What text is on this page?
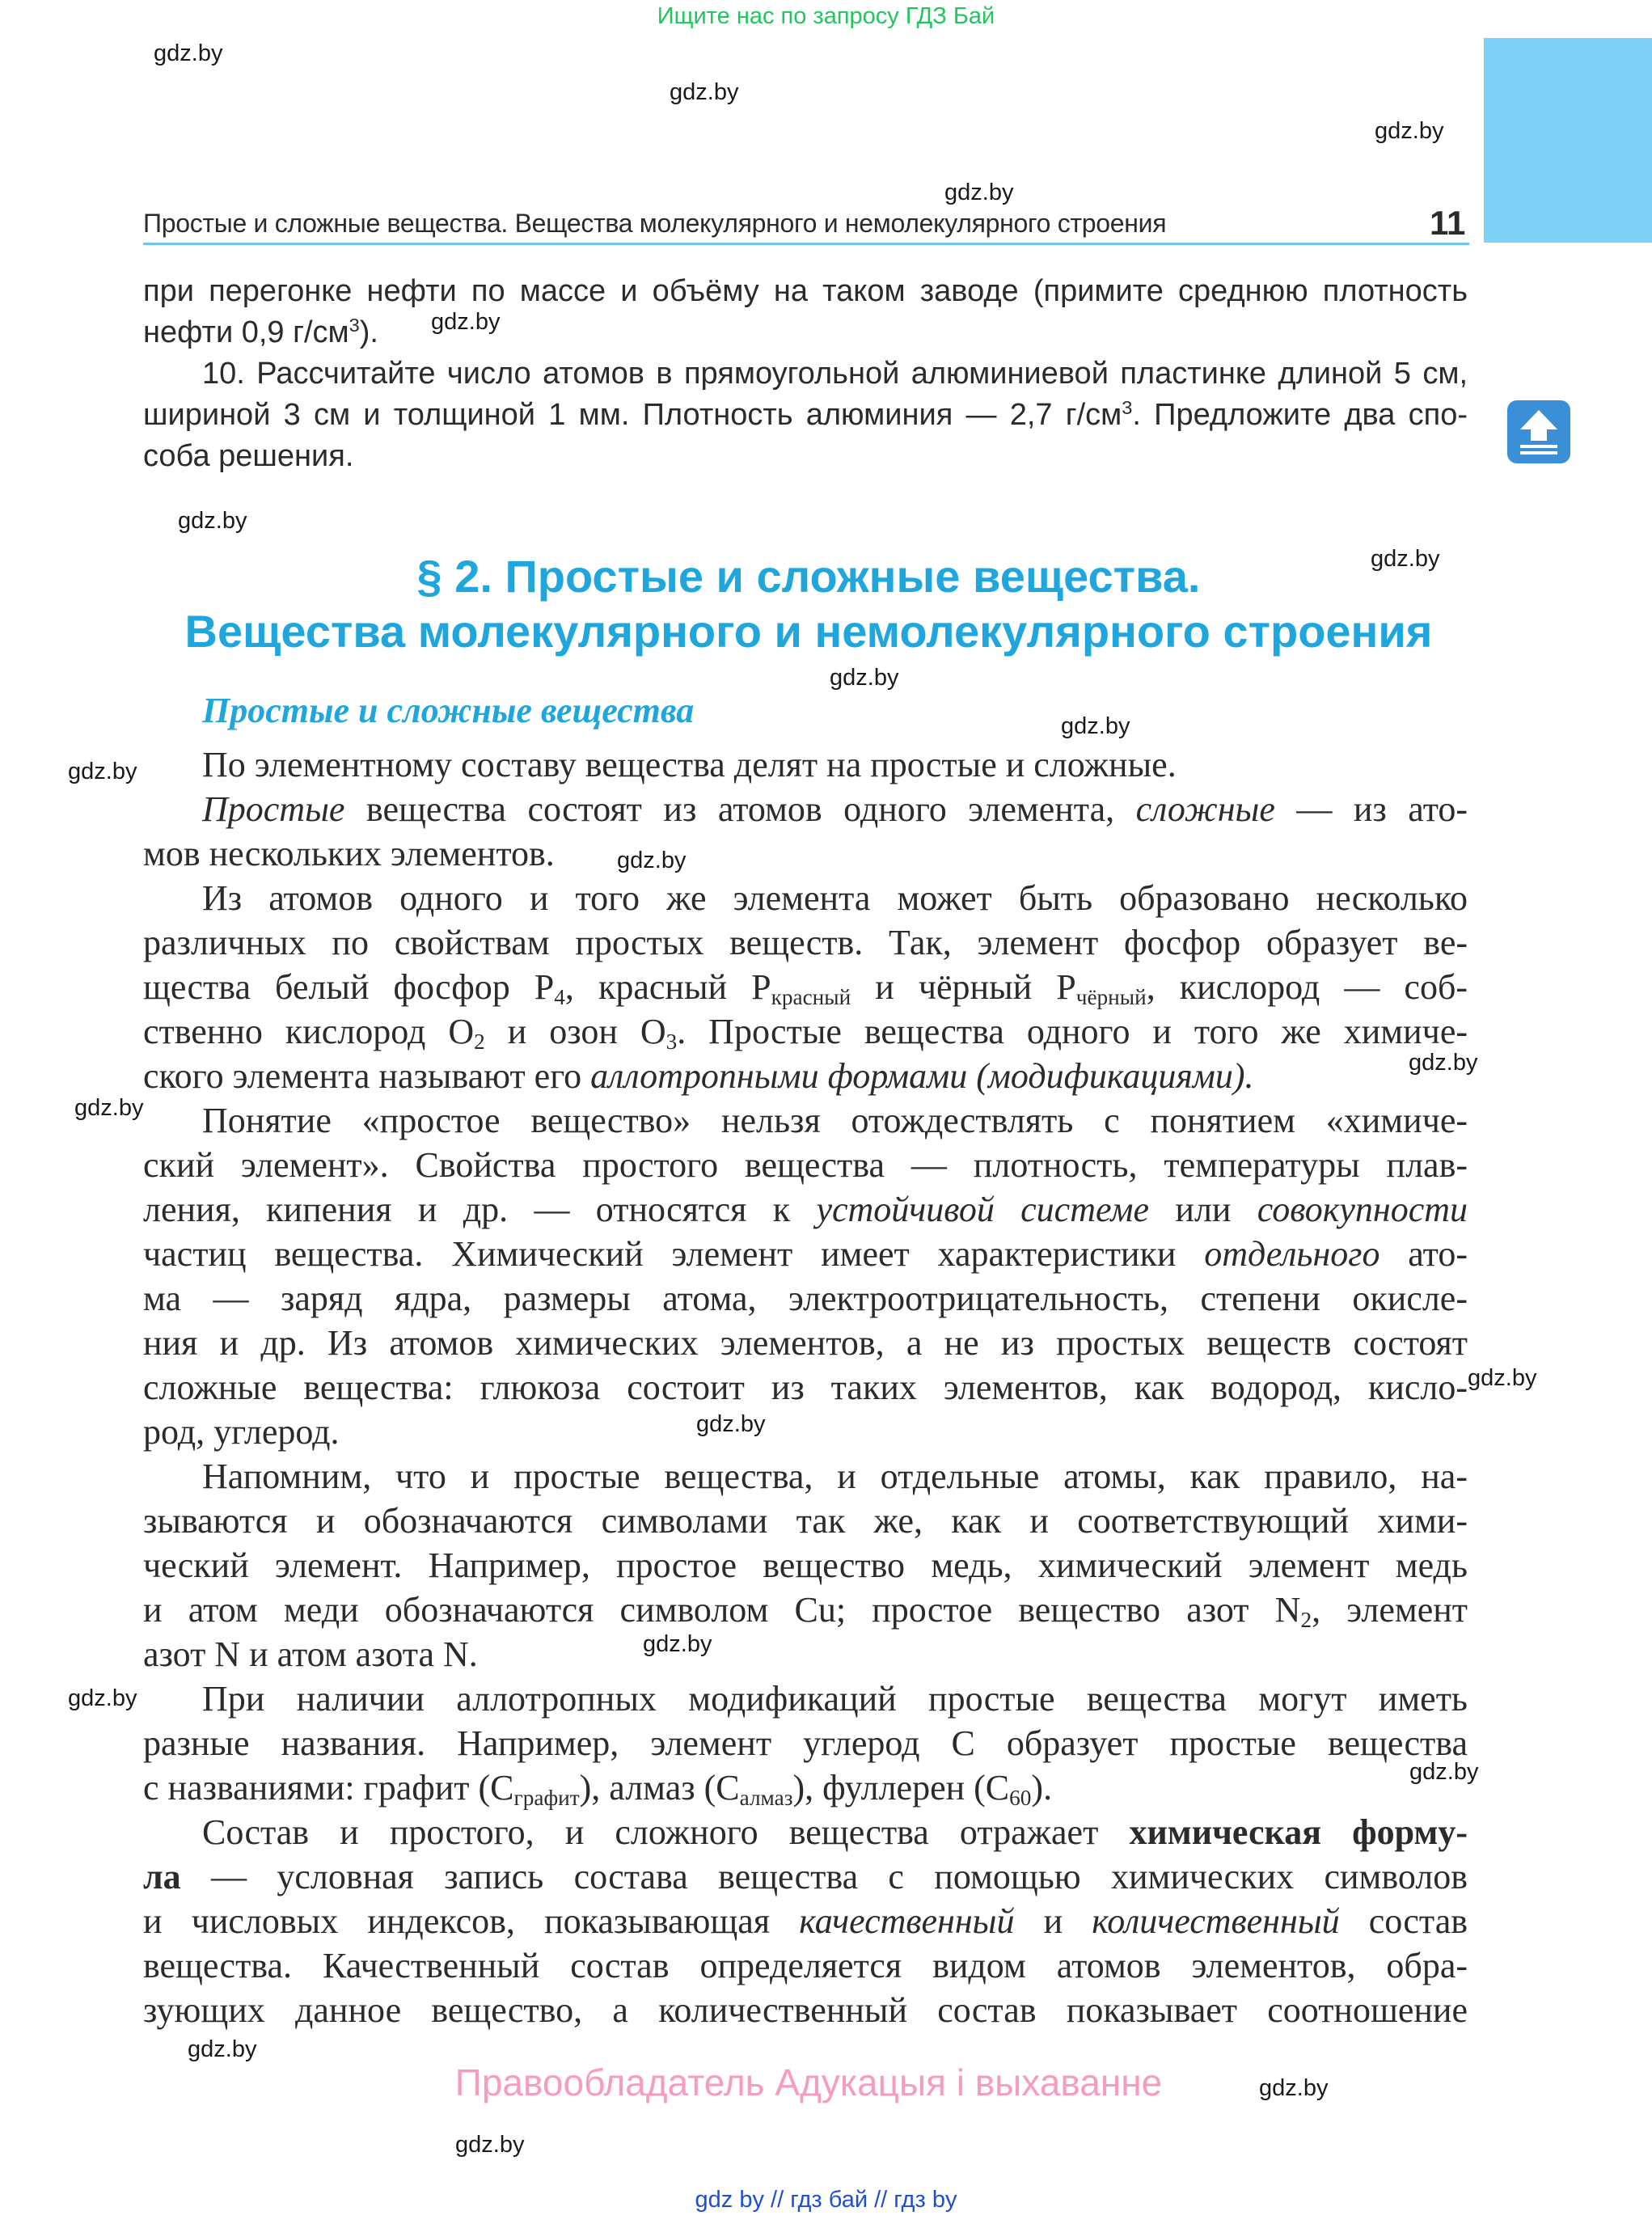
Ищите нас по запросу ГДЗ Бай
gdz.by
gdz.by
gdz.by
gdz.by
Простые и сложные вещества. Вещества молекулярного и немолекулярного строения	11
при перегонке нефти по массе и объёму на таком заводе (примите среднюю плотность
нефти 0,9 $г/см^3$).
10. Рассчитайте число атомов в прямоугольной алюминиевой пластинке длиной 5 см,
шириной 3 см и толщиной 1 мм. Плотность алюминия — 2,7 $г/см^3$. Предложите два спо-
соба решения.
gdz.by
gdz.by
gdz.by
§ 2. Простые и сложные вещества.
Вещества молекулярного и немолекулярного строения
gdz.by
Простые и сложные вещества	gdz.by
gdz.by По элементному составу вещества делят на простые и сложные.
Простые вещества состоят из атомов одного элемента, сложные — из ато-
мов нескольких элементов.	gdz.by
Из атомов одного и того же элемента может быть образовано несколько
различных по свойствам простых веществ. Так, элемент фосфор образует ве-
щества белый фосфор $P_4$, красный $P_{красный}$ и чёрный $P_{чёрный}$, кислород — соб-
ственно кислород $O_2$ и озон $O_3$. Простые вещества одного и того же химиче-
ского элемента называют его аллотропными формами (модификациями).	gdz.by
gdz.by Понятие «простое вещество» нельзя отождествлять с понятием «химиче-
ский элемент». Свойства простого вещества — плотность, температуры плав-
ления, кипения и др. — относятся к устойчивой системе или совокупности
частиц вещества. Химический элемент имеет характеристики отдельного ато-
ма — заряд ядра, размеры атома, электроотрицательность, степени окисле-
ния и др. Из атомов химических элементов, а не из простых веществ состоят
сложные вещества: глюкоза состоит из таких элементов, как водород, кисло-
род, углерод.
gdz.by
gdz.by
Напомним, что и простые вещества, и отдельные атомы, как правило, на-
зываются и обозначаются символами так же, как и соответствующий хими-
ческий элемент. Например, простое вещество медь, химический элемент медь
и атом меди обозначаются символом Cu; простое вещество азот $N_2$, элемент
азот N и атом азота N.	gdz.by
gdz.by При наличии аллотропных модификаций простые вещества могут иметь
разные названия. Например, элемент углерод C образует простые вещества
с названиями: графит $(C_{графит})$, алмаз $(C_{алмаз})$, фуллерен $(C_{60})$.	gdz.by
Состав и простого, и сложного вещества отражает химическая форму-
ла — условная запись состава вещества с помощью химических символов
и числовых индексов, показывающая качественный и количественный состав
вещества. Качественный состав определяется видом атомов элементов, обра-
зующих данное вещество, а количественный состав показывает соотношение
gdz.by
gdz.by
gdz.by
Правообладатель Адукацыя і выхаванне
gdz by // гдз бай // гдз by
